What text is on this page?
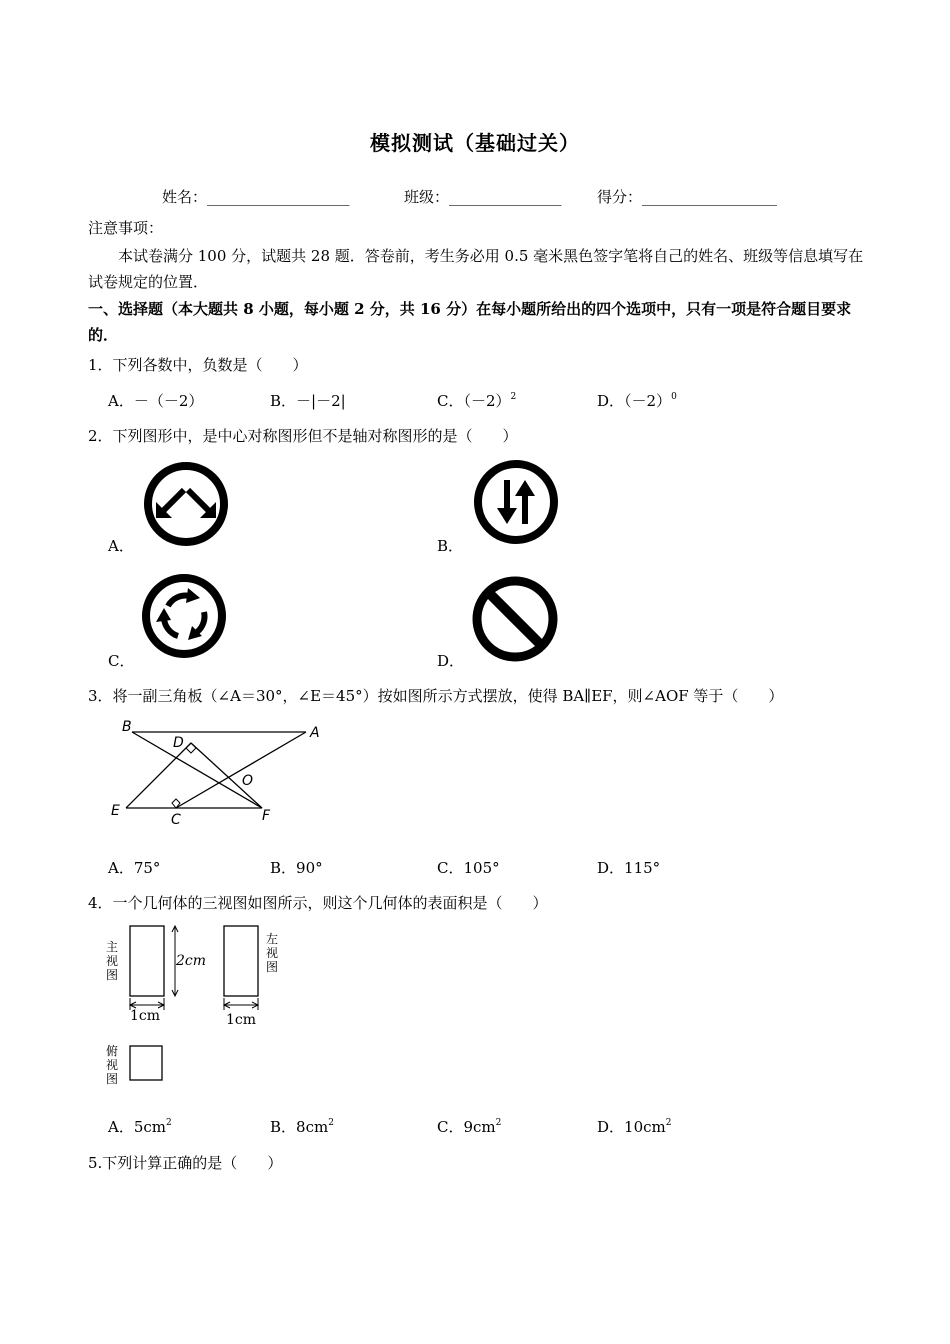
模拟测试（基础过关）
姓名：___________________	班级：_______________ 得分：__________________
注意事项：
本试卷满分 100 分，试题共 28 题．答卷前，考生务必用 0.5 毫米黑色签字笔将自己的姓名、班级等信息填写在试卷规定的位置．
一、选择题（本大题共 8 小题，每小题 2 分，共 16 分）在每小题所给出的四个选项中，只有一项是符合题目要求的．
1．下列各数中，负数是（　　）
A．－（－2）	B．－|－2|	C．$(-2)^2$	D．$(-2)^0$
2．下列图形中，是中心对称图形但不是轴对称图形的是（　　）
A．	B．
C．	D．
3．将一副三角板（∠A＝30°，∠E＝45°）按如图所示方式摆放，使得 BA∥EF，则∠AOF 等于（　　）
B	A
D
O
E
C	F
A．75°	B．90°	C．105°	D．115°
4．一个几何体的三视图如图所示，则这个几何体的表面积是（　　）
主视图
左视图
俯视图
2cm
1cm	1cm
A．$5cm^2$	B．$8cm^2$	C．$9cm^2$	D．$10cm^2$
5.下列计算正确的是（　　）
